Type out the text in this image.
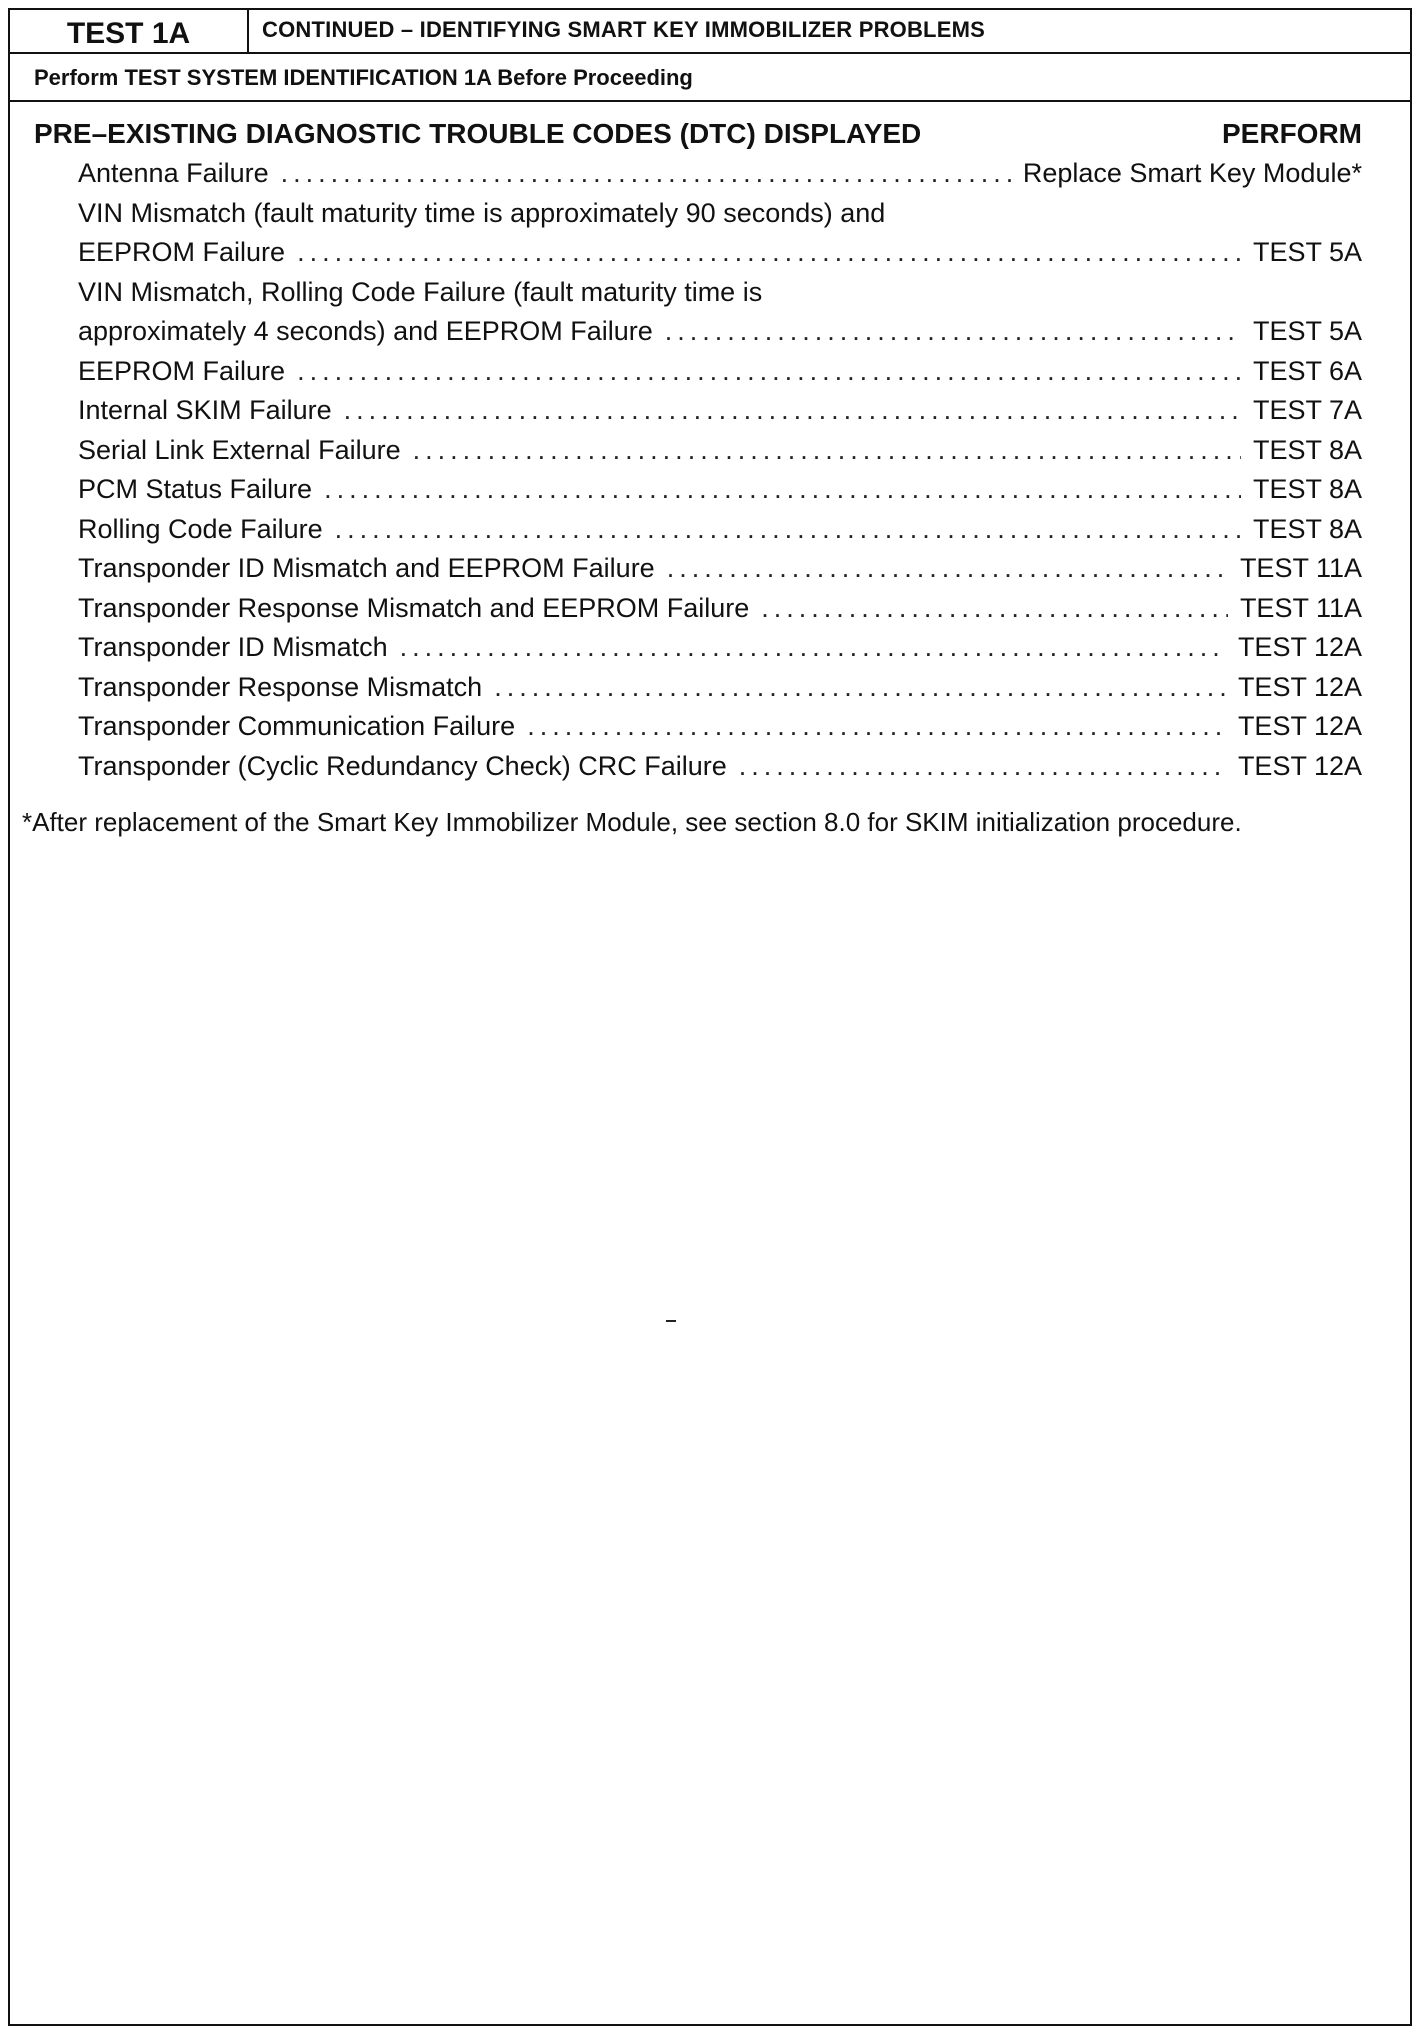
TEST 1A	CONTINUED – IDENTIFYING SMART KEY IMMOBILIZER PROBLEMS
Perform TEST SYSTEM IDENTIFICATION 1A Before Proceeding
PRE–EXISTING DIAGNOSTIC TROUBLE CODES (DTC) DISPLAYED	PERFORM
Antenna Failure .....	Replace Smart Key Module*
VIN Mismatch (fault maturity time is approximately 90 seconds) and
EEPROM Failure .....	TEST 5A
VIN Mismatch, Rolling Code Failure (fault maturity time is
approximately 4 seconds) and EEPROM Failure .....	TEST 5A
EEPROM Failure .....	TEST 6A
Internal SKIM Failure .....	TEST 7A
Serial Link External Failure .....	TEST 8A
PCM Status Failure .....	TEST 8A
Rolling Code Failure .....	TEST 8A
Transponder ID Mismatch and EEPROM Failure .....	TEST 11A
Transponder Response Mismatch and EEPROM Failure .....	TEST 11A
Transponder ID Mismatch .....	TEST 12A
Transponder Response Mismatch .....	TEST 12A
Transponder Communication Failure .....	TEST 12A
Transponder (Cyclic Redundancy Check) CRC Failure .....	TEST 12A
*After replacement of the Smart Key Immobilizer Module, see section 8.0 for SKIM initialization procedure.
